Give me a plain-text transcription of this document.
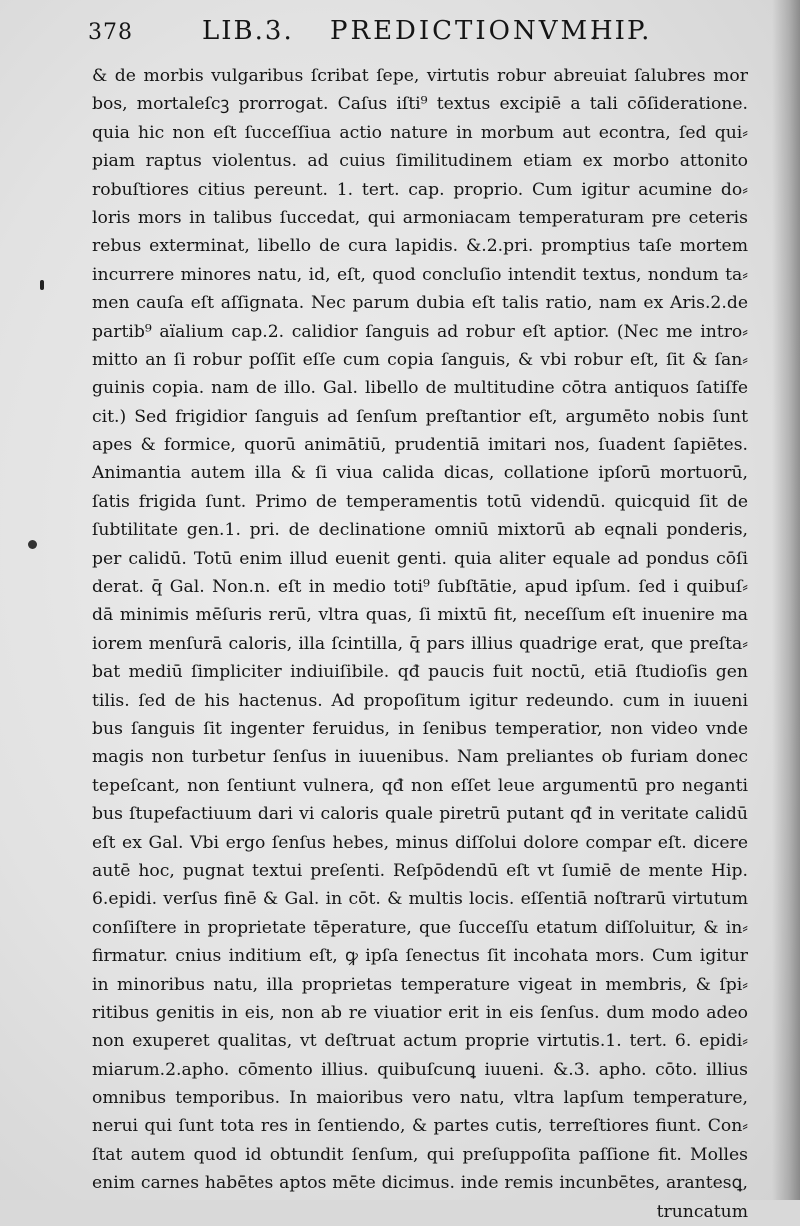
378	LIB.3. PREDICTIONVM.
HIP.
& de morbis vulgaribus ſcribat ſepe, virtutis robur abreuiat ſalubres mor
bos, mortaleſcꝫ prorrogat. Caſus iſti⁹ textus excipiē a tali cōſideratione.
quia hic non eſt ſucceſſiua actio nature in morbum aut econtra, ſed qui⸗
piam raptus violentus. ad cuius ſimilitudinem etiam ex morbo attonito
robuſtiores citius pereunt. 1. tert. cap. proprio. Cum igitur acumine do⸗
loris mors in talibus ſuccedat, qui armoniacam temperaturam pre ceteris
rebus exterminat, libello de cura lapidis. &.2.pri. promptius taſe mortem
incurrere minores natu, id, eſt, quod concluſio intendit textus, nondum ta⸗
men cauſa eſt aſſignata. Nec parum dubia eſt talis ratio, nam ex Aris.2.de
partib⁹ aïalium cap.2. calidior ſanguis ad robur eſt aptior. (Nec me intro⸗
mitto an ſi robur poſſit eſſe cum copia ſanguis, & vbi robur eſt, ſit & ſan⸗
guinis copia. nam de illo. Gal. libello de multitudine cōtra antiquos ſatiſfe
cit.) Sed frigidior ſanguis ad ſenſum preſtantior eſt, argumēto nobis ſunt
apes & formice, quorū animātiū, prudentiā imitari nos, ſuadent ſapiētes.
Animantia autem illa & ſi viua calida dicas, collatione ipſorū mortuorū,
ſatis frigida ſunt. Primo de temperamentis totū videndū. quicquid ſit de
ſubtilitate gen.1. pri. de declinatione omniū mixtorū ab eqnali ponderis,
per calidū. Totū enim illud euenit genti. quia aliter equale ad pondus cōſi
derat. q̄ Gal. Non.n. eſt in medio toti⁹ ſubſtātie, apud ipſum. ſed i quibuſ⸗
dā minimis mēſuris rerū, vltra quas, ſi mixtū fit, neceſſum eſt inuenire ma
iorem menſurā caloris, illa ſcintilla, q̄ pars illius quadrige erat, que preſta⸗
bat mediū ſimpliciter indiuiſibile. qđ paucis fuit noctū, etiā ſtudioſis gen
tilis. ſed de his hactenus. Ad propoſitum igitur redeundo. cum in iuueni
bus ſanguis ſit ingenter feruidus, in ſenibus temperatior, non video vnde
magis non turbetur ſenſus in iuuenibus. Nam preliantes ob furiam donec
tepeſcant, non ſentiunt vulnera, qđ non eſſet leue argumentū pro neganti
bus ſtupefactiuum dari vi caloris quale piretrū putant qđ in veritate calidū
eſt ex Gal. Vbi ergo ſenſus hebes, minus diſſolui dolore compar eſt. dicere
autē hoc, pugnat textui preſenti. Reſpōdendū eſt vt ſumiē de mente Hip.
6.epidi. verſus finē & Gal. in cōt. & multis locis. eſſentiā noſtrarū virtutum
conſiſtere in proprietate tēperature, que ſucceſſu etatum diſſoluitur, & in⸗
firmatur. cnius inditium eſt, ꝙ ipſa ſenectus ſit incohata mors. Cum igitur
in minoribus natu, illa proprietas temperature vigeat in membris, & ſpi⸗
ritibus genitis in eis, non ab re viuatior erit in eis ſenſus. dum modo adeo
non exuperet qualitas, vt deſtruat actum proprie virtutis.1. tert. 6. epidi⸗
miarum.2.apho. cōmento illius. quibuſcunꝗ iuueni. &.3. apho. cōto. illius
omnibus temporibus. In maioribus vero natu, vltra lapſum temperature,
nerui qui ſunt tota res in ſentiendo, & partes cutis, terreſtiores fiunt. Con⸗
ſtat autem quod id obtundit ſenſum, qui preſuppoſita paſſione fit. Molles
enim carnes habētes aptos mēte dicimus. inde remis incunbētes, arantesꝗ,
truncatum
